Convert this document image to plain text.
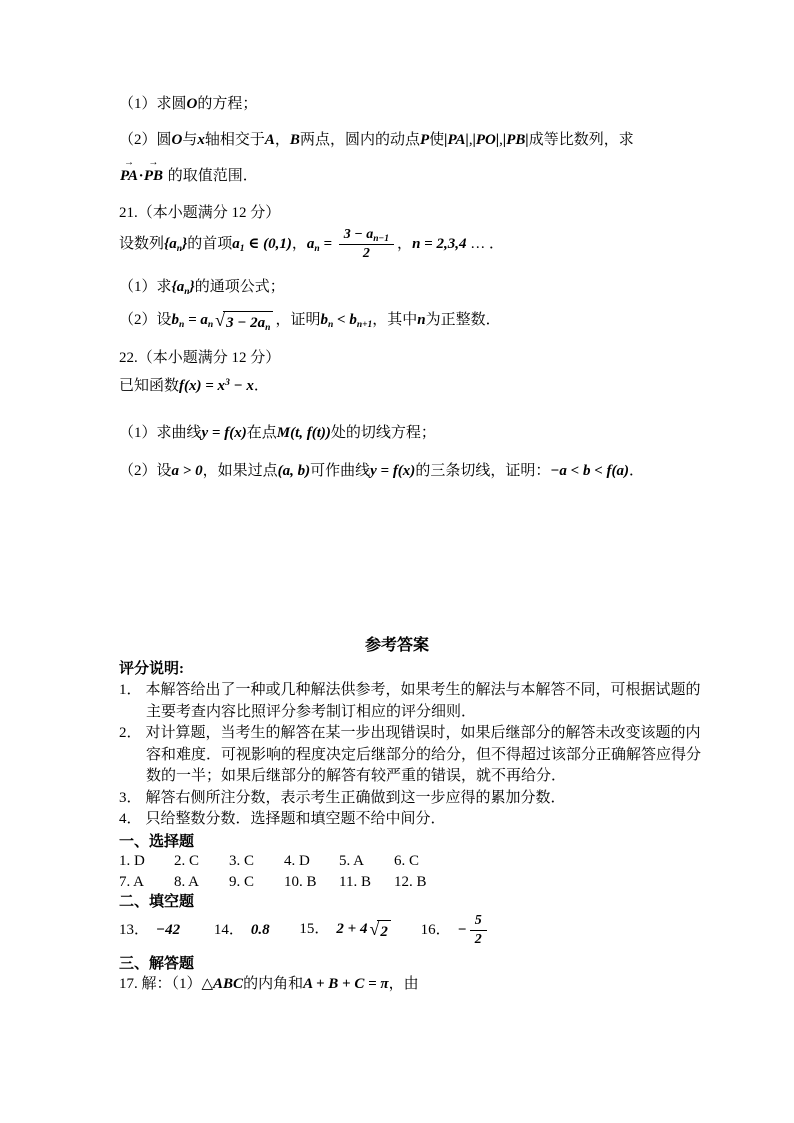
（1）求圆O的方程；
（2）圆O与x轴相交于A，B两点，圆内的动点P使|PA|,|PO|,|PB|成等比数列，求
→
PA·
→
PB 的取值范围．
21.（本小题满分 12 分）
设数列$\{a_n\}$的首项$a_1$ ∈ (0,1)，$a_n = \frac{3 - a_{n-1}}{2}$ ，n = 2,3,4 … ．
（1）求$\{a_n\}$的通项公式；
（2）设$b_n = a_n$ √ $3 - 2a_n$ ，证明$b_n < b_{n+1}$，其中n为正整数．
22.（本小题满分 12 分）
已知函数$f(x) = x^3 - x$．
（1）求曲线y = f(x)在点M(t, f(t))处的切线方程；
（2）设a > 0，如果过点(a, b)可作曲线y = f(x)的三条切线，证明：−a < b < f(a)．
参考答案
评分说明:
1． 本解答给出了一种或几种解法供参考，如果考生的解法与本解答不同，可根据试题的
主要考查内容比照评分参考制订相应的评分细则．
2． 对计算题，当考生的解答在某一步出现错误时，如果后继部分的解答未改变该题的内
容和难度．可视影响的程度决定后继部分的给分，但不得超过该部分正确解答应得分
数的一半；如果后继部分的解答有较严重的错误，就不再给分．
3． 解答右侧所注分数，表示考生正确做到这一步应得的累加分数．
4． 只给整数分数．选择题和填空题不给中间分．
一、选择题
1. D 2. C 3. C 4. D 5. A 6. C
7. A 8. A 9. C 10. B 11. B 12. B
二、填空题
13． −42 14． 0.8 15． 2 + 4 √ 2 16． − $\frac{5}{2}$
三、解答题
17. 解：（1）△ABC的内角和A + B + C = π，由
